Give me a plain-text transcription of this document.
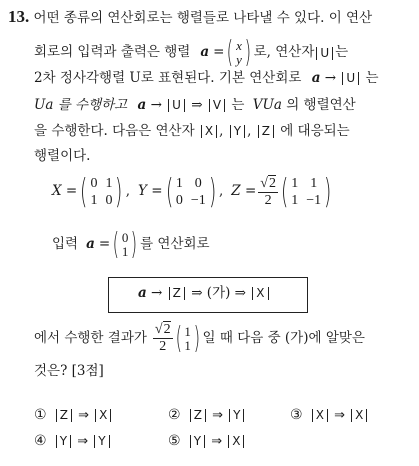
13. 어떤 종류의 연산회로는 행렬들로 나타낼 수 있다. 이 연산
회로의 입력과 출력은 행렬 a = ( x
y ) 로, 연산자 U 는
2차 정사각행렬 U로 표현된다. 기본 연산회로 a → U 는
Ua 를 수행하고 a → U ⇒ V 는 VUa 의 행렬연산
을 수행한다. 다음은 연산자 X , Y , Z 에 대응되는
행렬이다.
X = ( 0 1
1 0 ) , Y = ( 1 0
0 −1 ) , $Z = \frac{√2}{2}$ ( 1 1
1 −1 )
입력 a = ( 0
1 ) 를 연산회로
a → Z ⇒ (가) ⇒ X
에서 수행한 결과가 $\frac{√2}{2}$ ( 1
1 ) 일 때 다음 중 (가)에 알맞은
것은? [3점]
① Z ⇒ X	② Z ⇒ Y	③ X ⇒ X
④ Y ⇒ Y	⑤ Y ⇒ X
